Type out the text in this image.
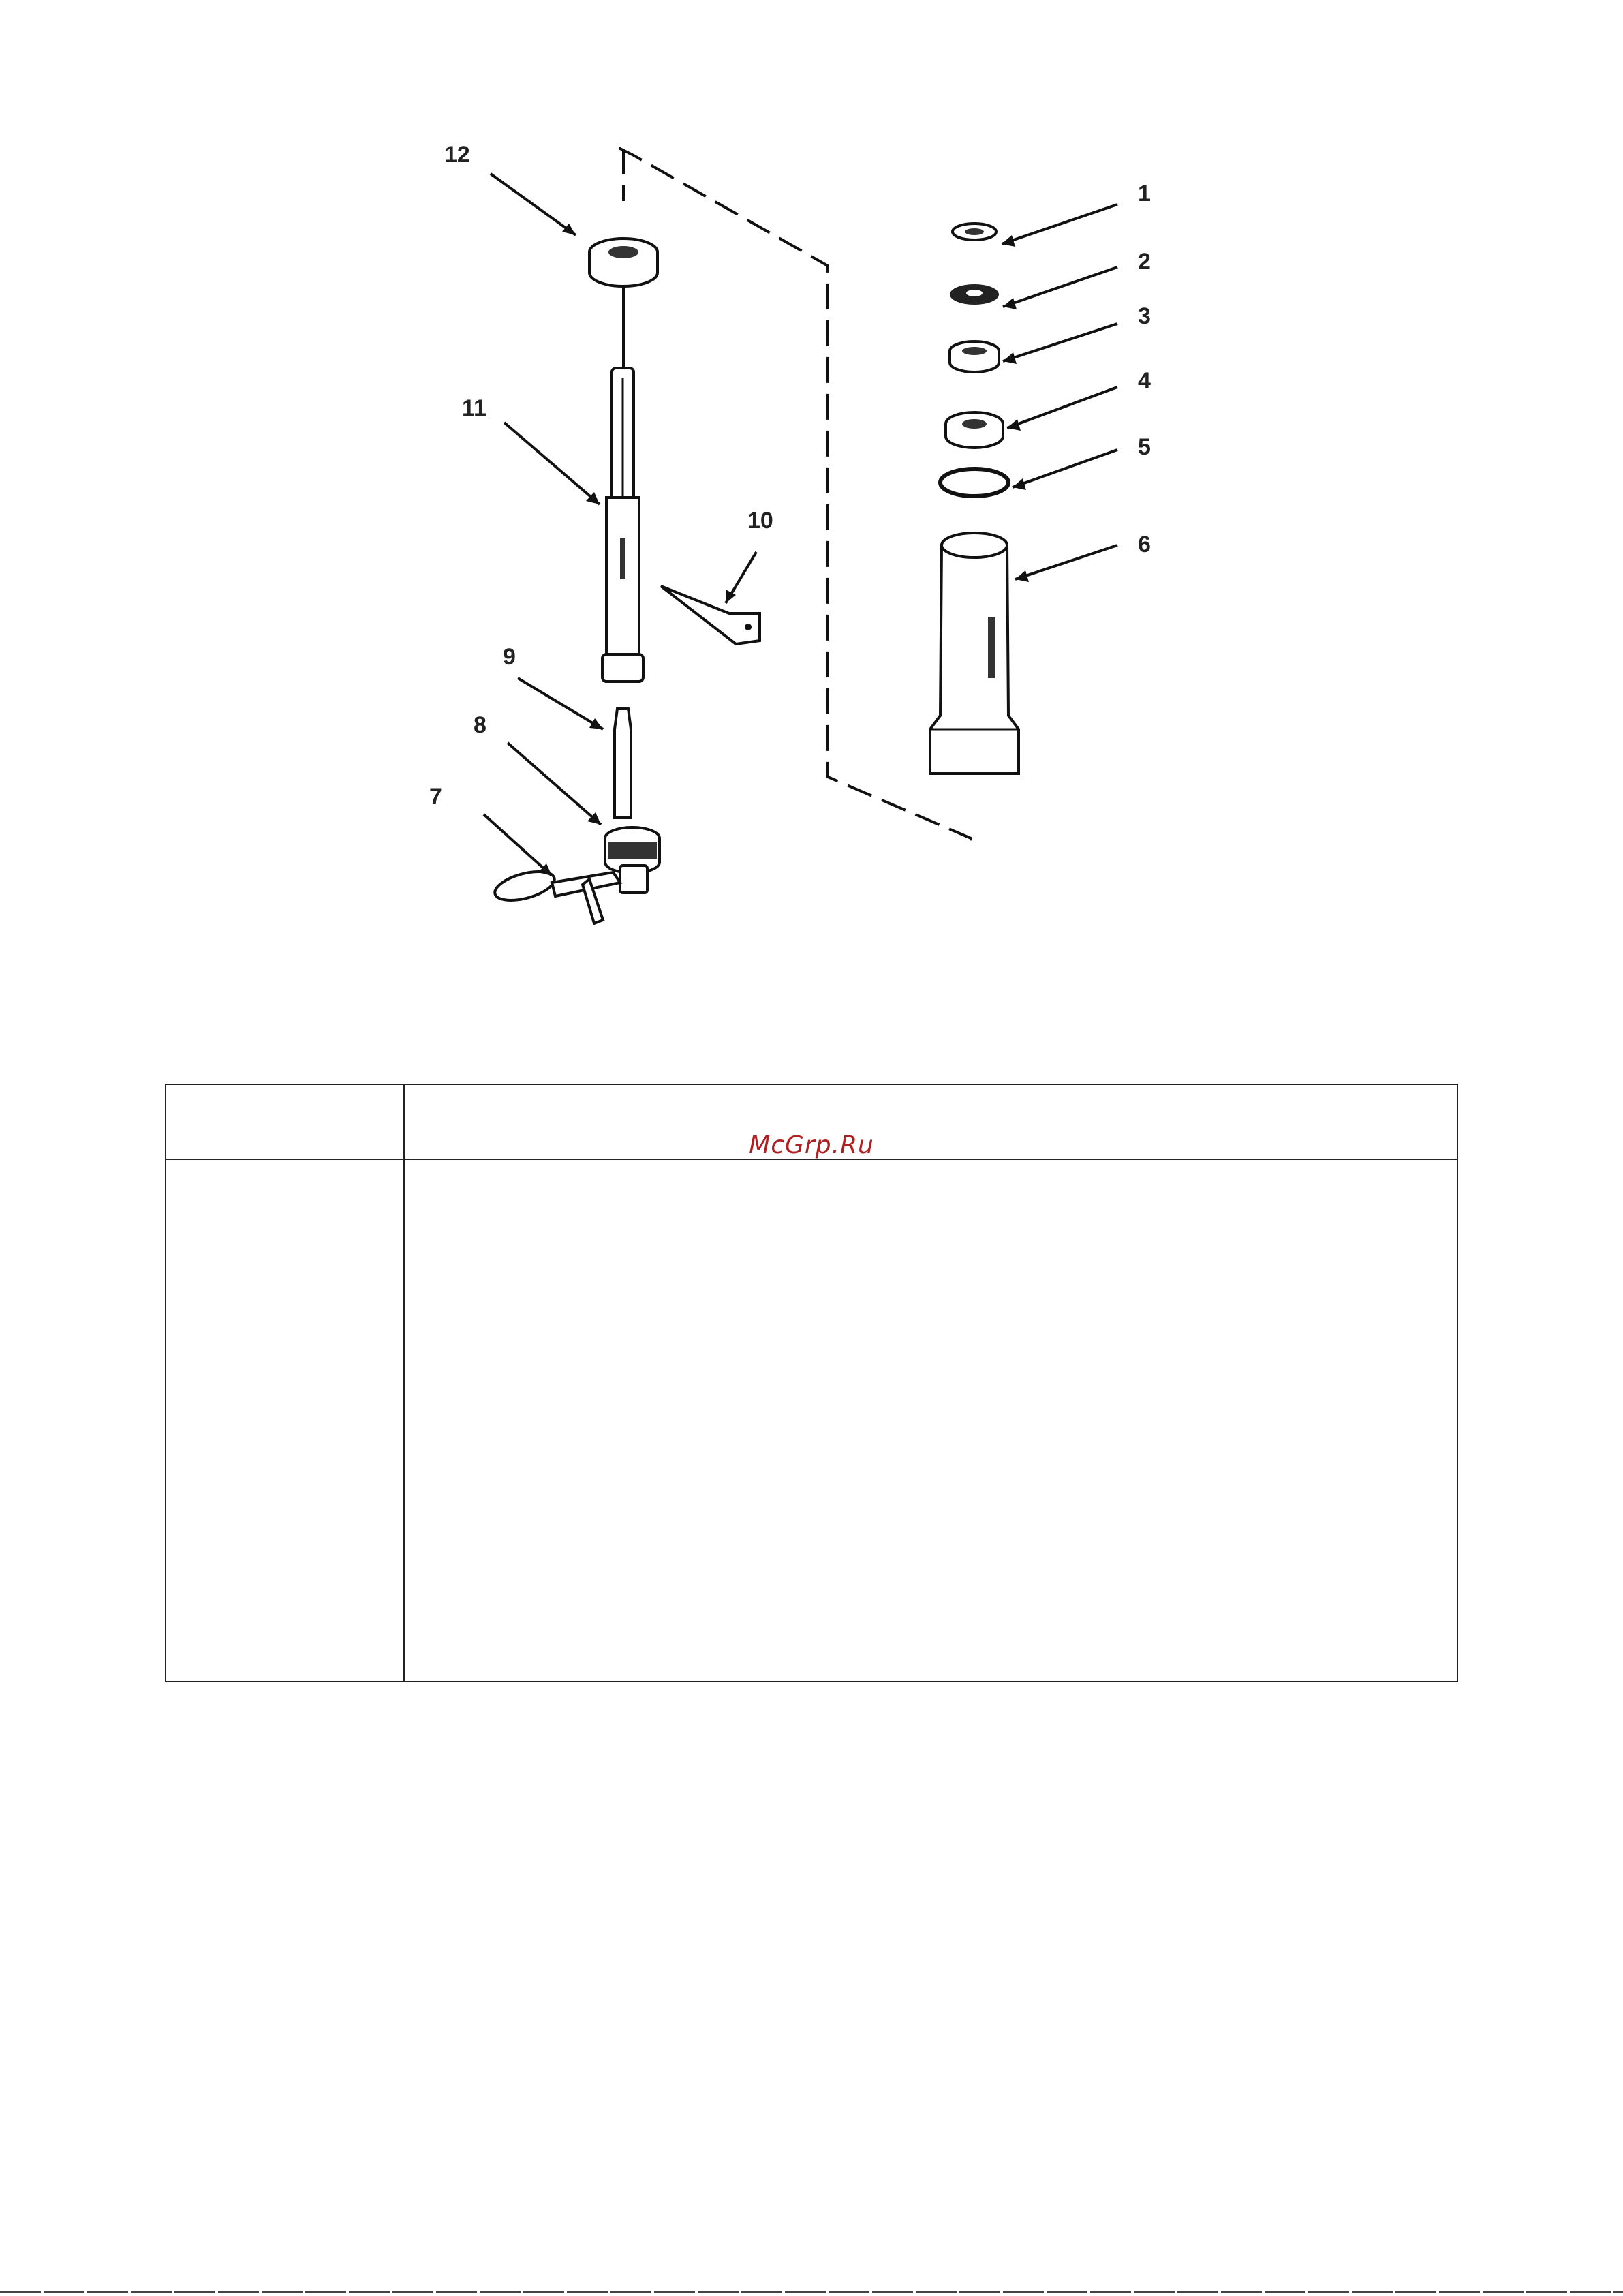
1
2
3
4
5
6
7
8
9
10
11
12
McGrp.Ru
